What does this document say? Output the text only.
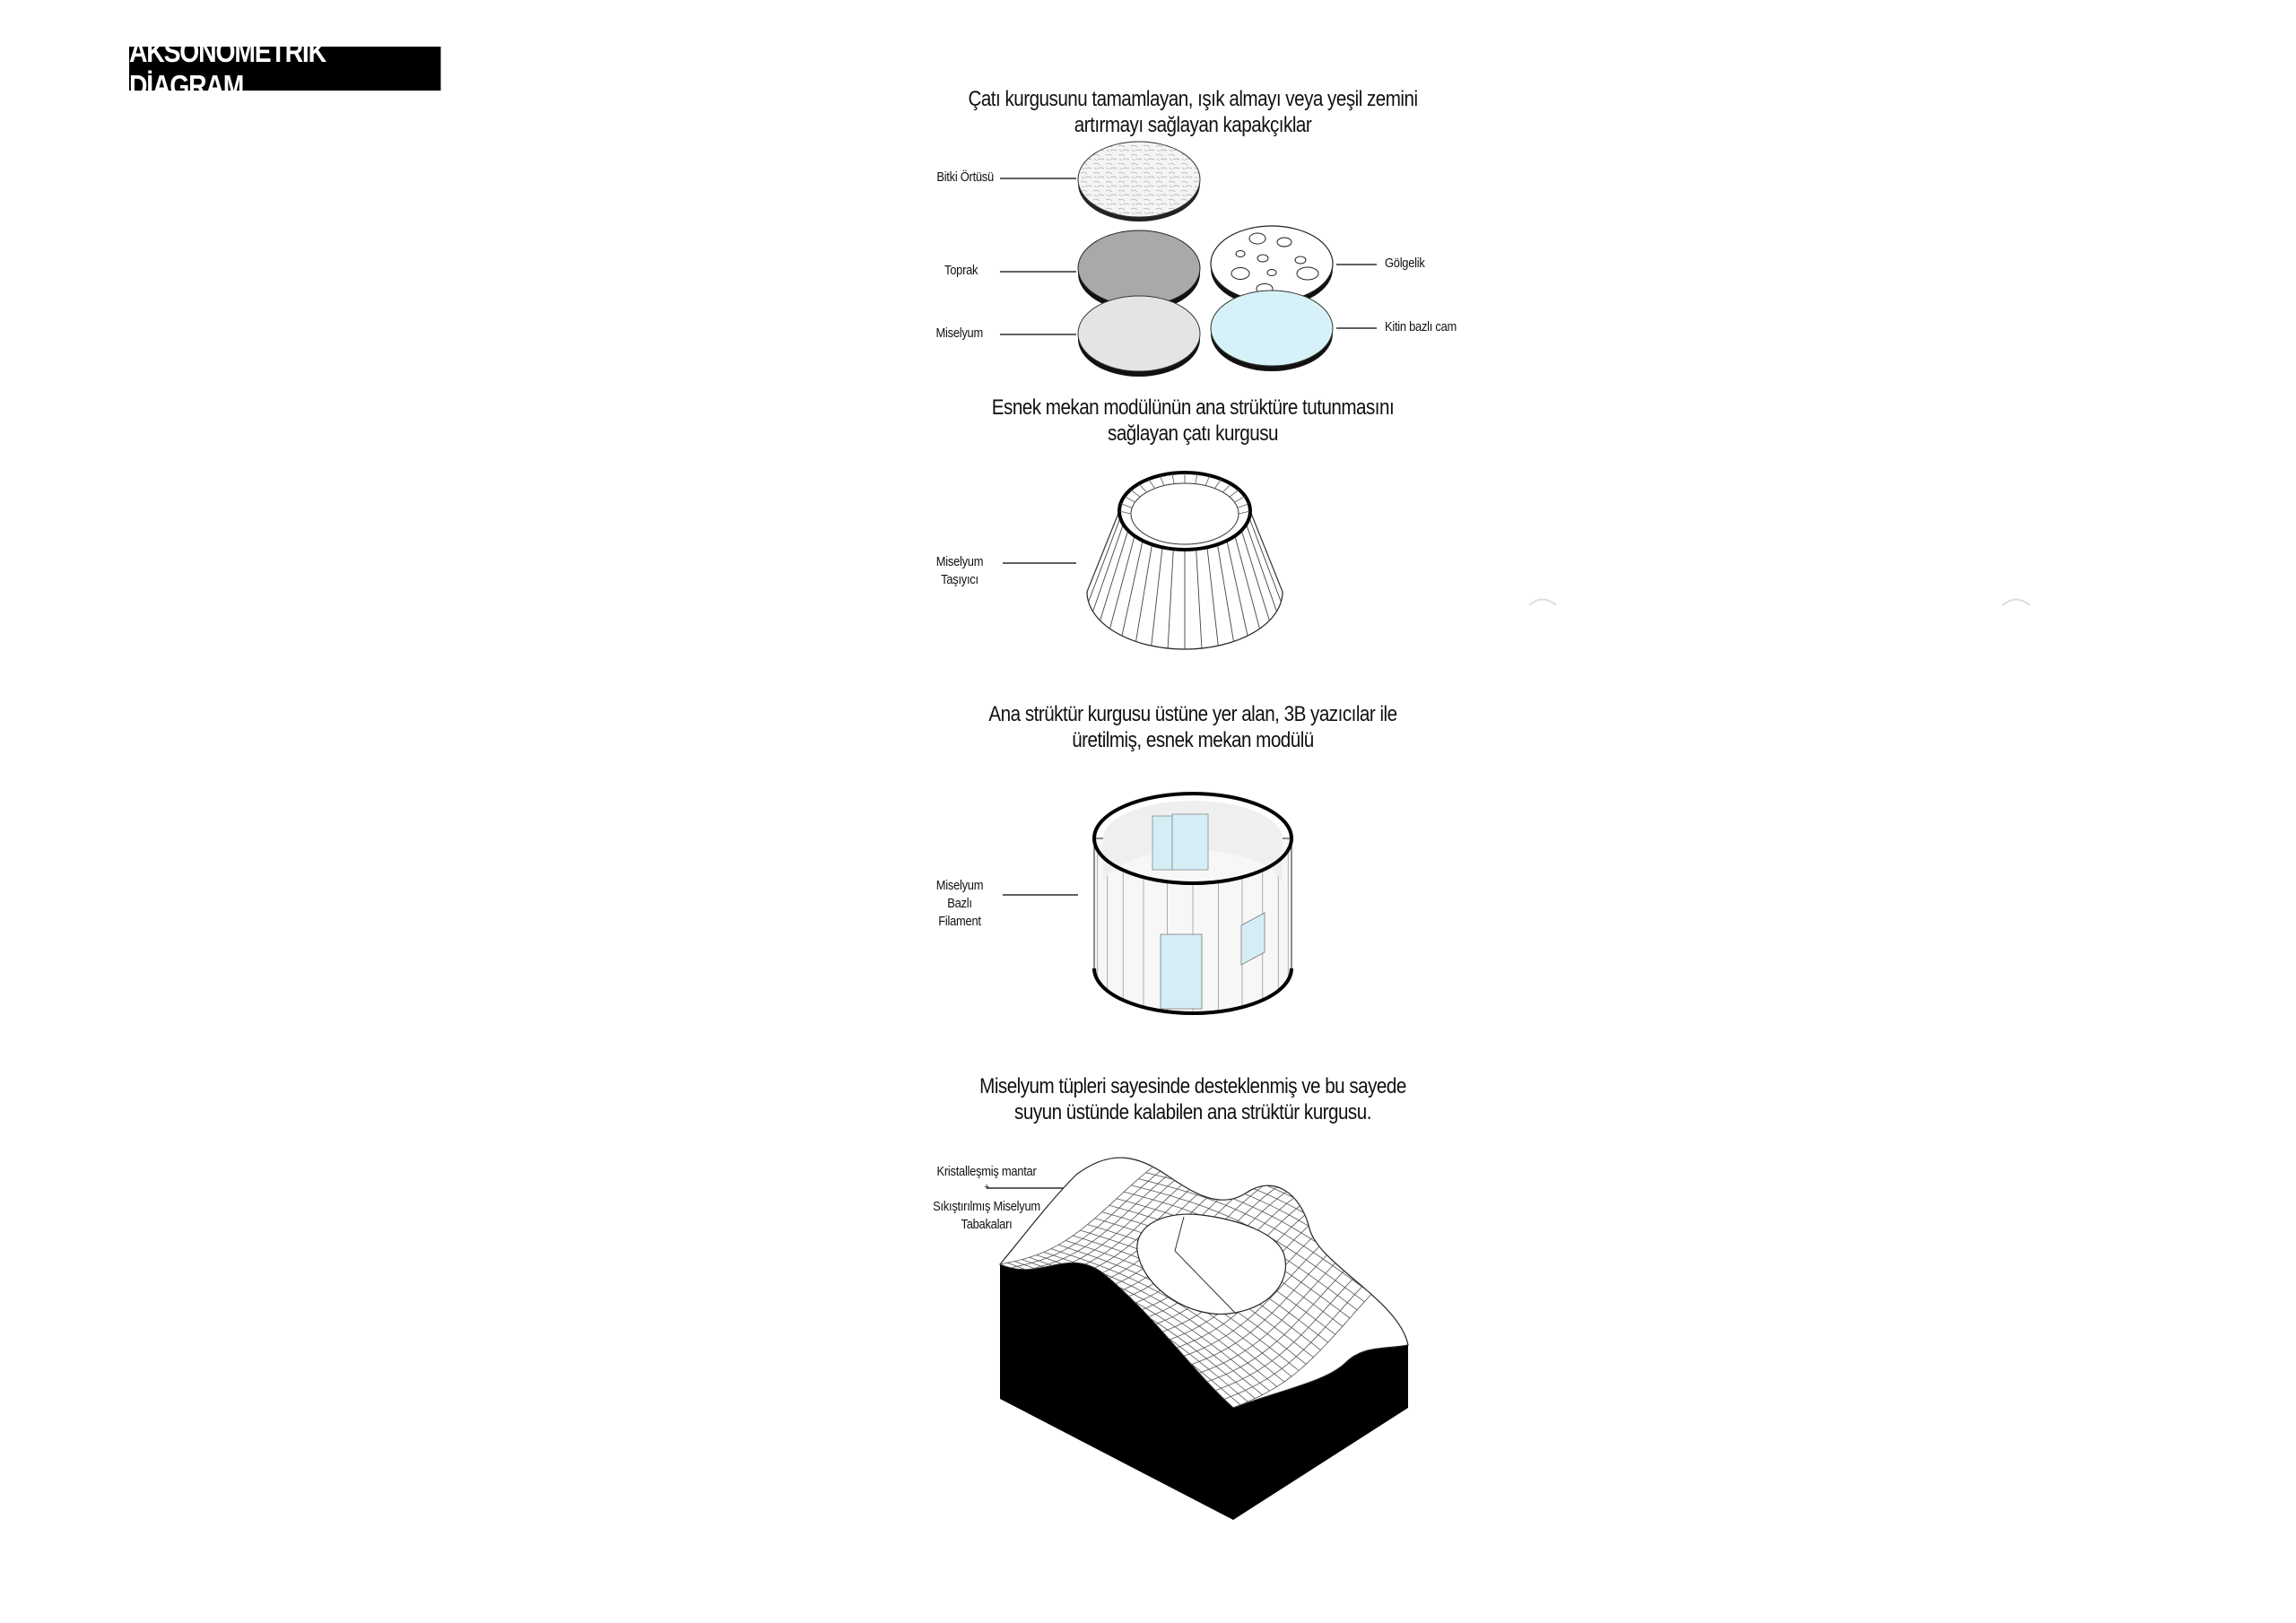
AKSONOMETRİK DİAGRAM	Çatı kurgusunu tamamlayan, ışık almayı veya yeşil zemini
artırmayı sağlayan kapakçıklar
Esnek mekan modülünün ana strüktüre tutunmasını
sağlayan çatı kurgusu
Ana strüktür kurgusu üstüne yer alan, 3B yazıcılar ile
üretilmiş, esnek mekan modülü
Miselyum tüpleri sayesinde desteklenmiş ve bu sayede
suyun üstünde kalabilen ana strüktür kurgusu.
Bitki Örtüsü
Toprak
Miselyum
Gölgelik
Kitin bazlı cam
Miselyum
Taşıyıcı
Miselyum
Bazlı
Filament
Kristalleşmiş mantar
+
Sıkıştırılmış Miselyum
Tabakaları
